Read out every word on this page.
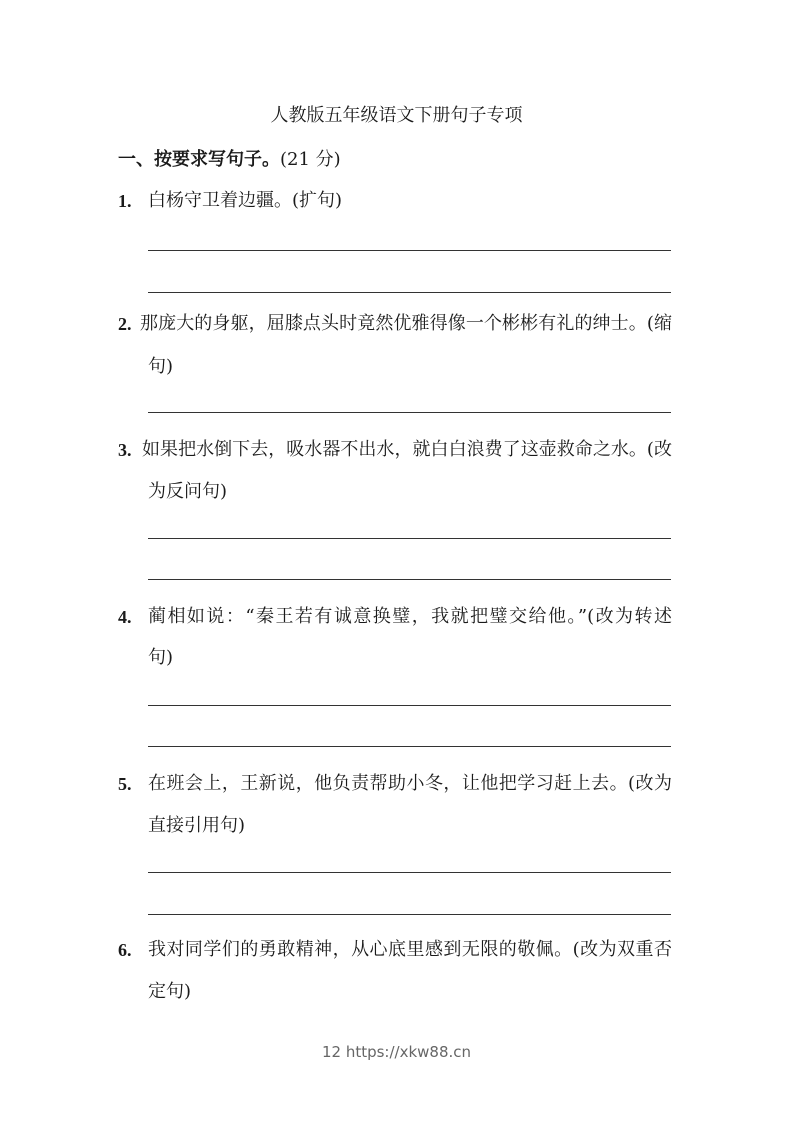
人教版五年级语文下册句子专项
一、按要求写句子。(21 分)
1. 白杨守卫着边疆。(扩句)
2. 那庞大的身躯，屈膝点头时竟然优雅得像一个彬彬有礼的绅士。(缩
句)
3. 如果把水倒下去，吸水器不出水，就白白浪费了这壶救命之水。(改
为反问句)
4. 蔺相如说：“秦王若有诚意换璧，我就把璧交给他。”(改为转述
句)
5. 在班会上，王新说，他负责帮助小冬，让他把学习赶上去。(改为
直接引用句)
6. 我对同学们的勇敢精神，从心底里感到无限的敬佩。(改为双重否
定句)
12 https://xkw88.cn
